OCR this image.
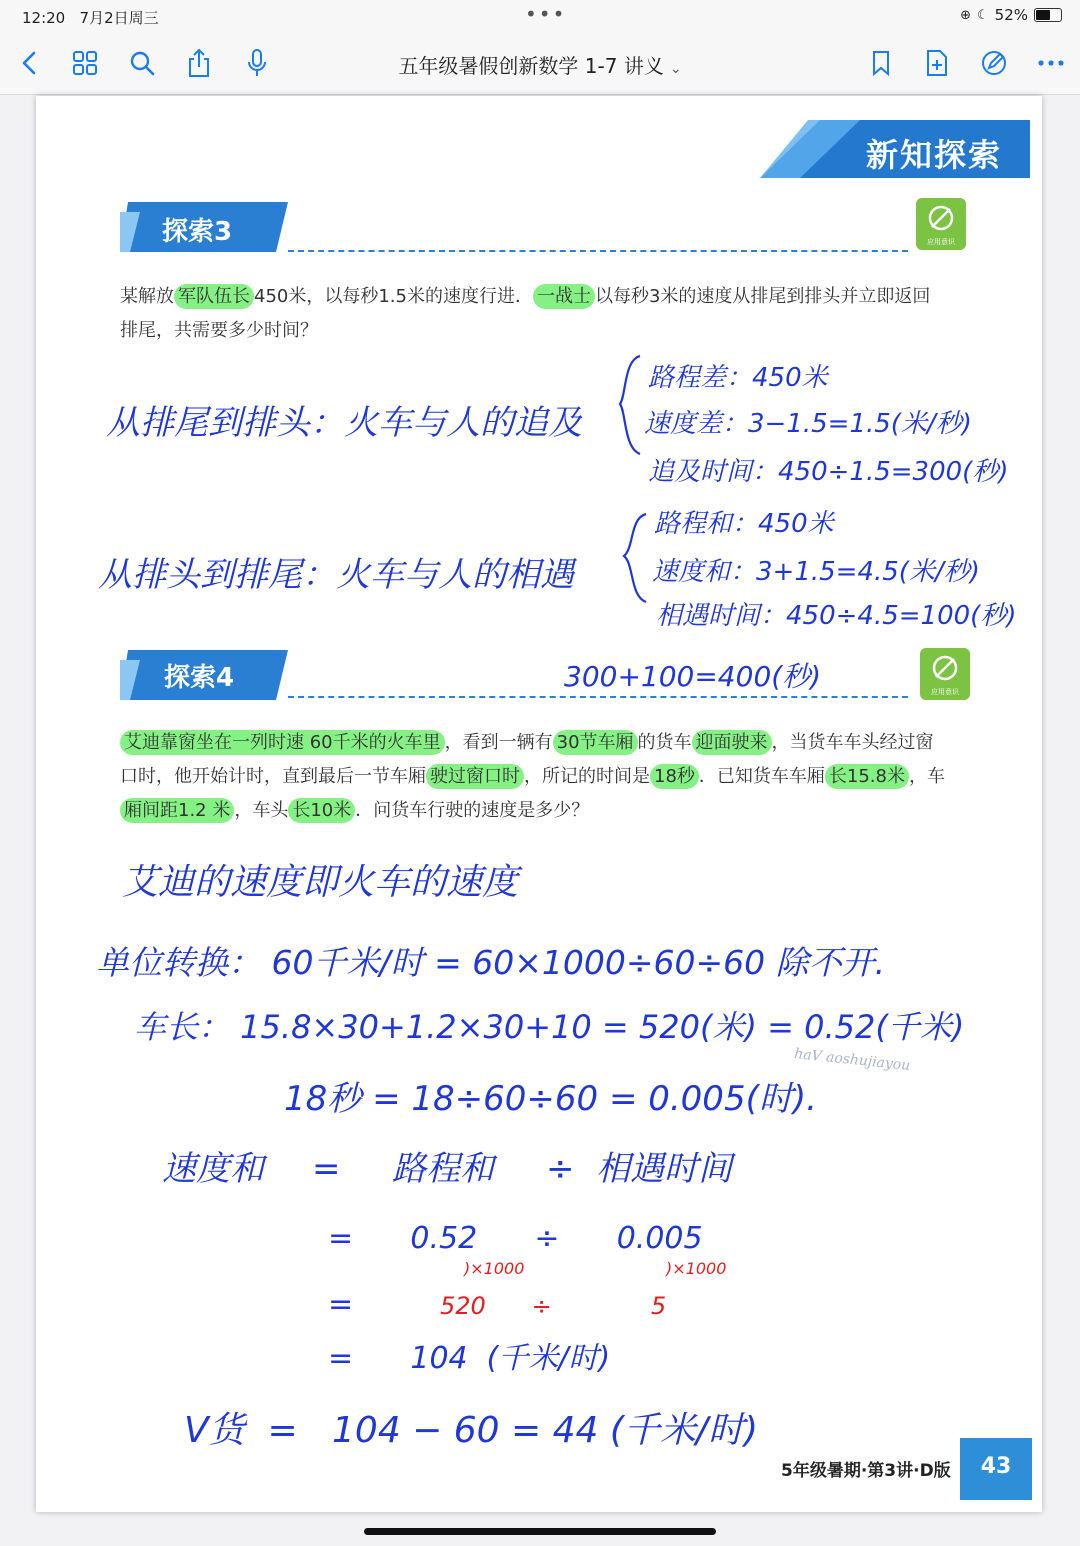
12:20 7月2日周三	•••	⊕ ☾ 52%
五年级暑假创新数学 1-7 讲义 ⌄
新知探索
探索3	应用意识
某解放 军队伍长 450米，以每秒1.5米的速度行进． 一战士 以每秒3米的速度从排尾到排头并立即返回
排尾，共需要多少时间？
探索4	应用意识
艾迪靠窗坐在一列时速 60千米的火车里 ，看到一辆有 30节车厢 的货车 迎面驶来 ，当货车车头经过窗
口时，他开始计时，直到最后一节车厢 驶过窗口时 ，所记的时间是 18秒 ．已知货车车厢 长15.8米 ，车
厢间距1.2 米 ，车头 长10米 ．问货车行驶的速度是多少？
从排尾到排头：火车与人的追及
路程差：450米
速度差：3−1.5=1.5(米/秒)
追及时间：450÷1.5=300(秒)
从排头到排尾：火车与人的相遇
路程和：450米
速度和：3+1.5=4.5(米/秒)
相遇时间：450÷4.5=100(秒)
300+100=400(秒)
艾迪的速度即火车的速度
单位转换： 60千米/时 = 60×1000÷60÷60 除不开.
车长： 15.8×30+1.2×30+10 = 520(米) = 0.52(千米)
18秒 = 18÷60÷60 = 0.005(时).
速度和 = 路程和 ÷ 相遇时间
=      0.52      ÷      0.005
=
=      104  (千米/时)
V货  =   104 − 60 = 44 (千米/时)
)×1000	)×1000
520      ÷             5
haV aoshujiayou
5年级暑期·第3讲·D版	43
